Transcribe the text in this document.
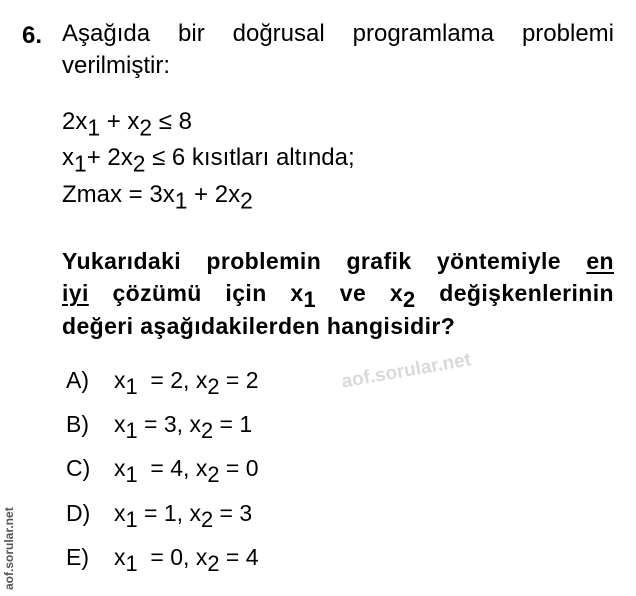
6. Aşağıda bir doğrusal programlama problemi
verilmiştir:
$2x_1 + x_2 \le 8$
$x_1+ 2x_2 \le 6$ kısıtları altında;
$Zmax = 3x_1 + 2x_2$
Yukarıdaki problemin grafik yöntemiyle en
iyi çözümü için $x_1$ ve $x_2$ değişkenlerinin
değeri aşağıdakilerden hangisidir?
A)	$x_1 = 2$, $x_2 = 2$
B)	$x_1 = 3$, $x_2 = 1$
C)	$x_1 = 4$, $x_2 = 0$
D)	$x_1 = 1$, $x_2 = 3$
E)	$x_1 = 0$, $x_2 = 4$
aof.sorular.net
aof.sorular.net
